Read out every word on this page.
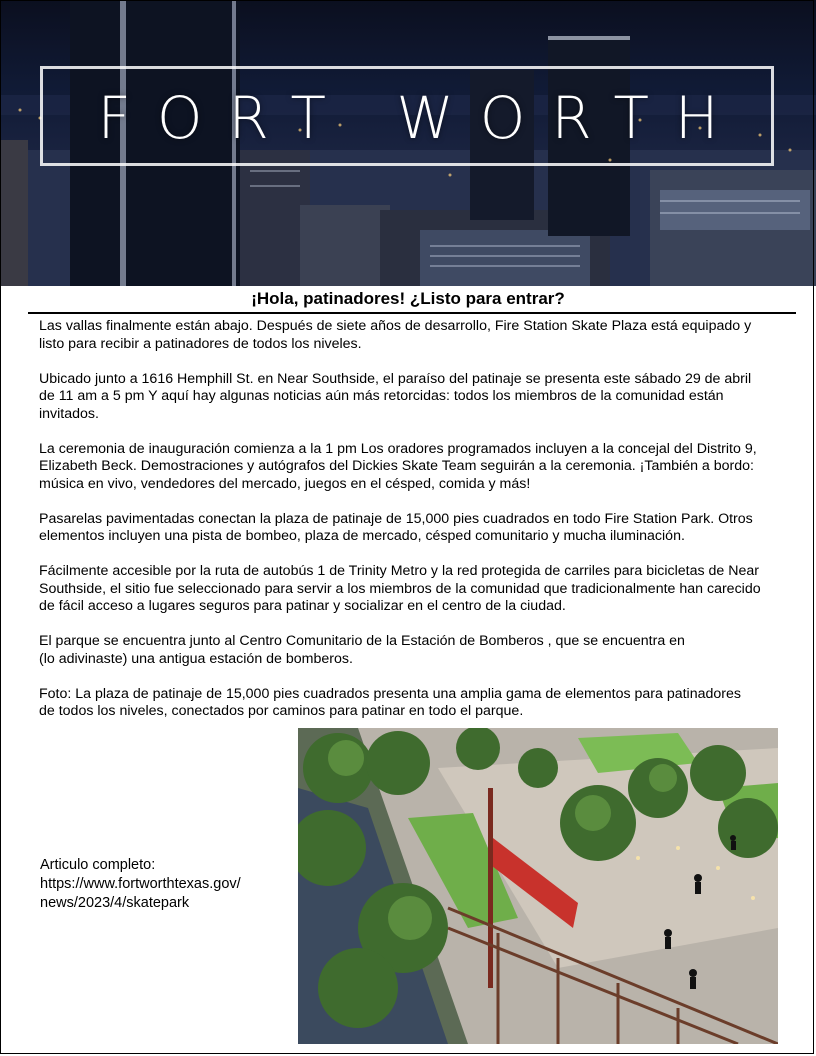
FORT WORTH
¡Hola, patinadores! ¿Listo para entrar?

Las vallas finalmente están abajo. Después de siete años de desarrollo, Fire Station Skate Plaza está equipado y
listo para recibir a patinadores de todos los niveles.

Ubicado junto a 1616 Hemphill St. en Near Southside, el paraíso del patinaje se presenta este sábado 29 de abril
de 11 am a 5 pm Y aquí hay algunas noticias aún más retorcidas: todos los miembros de la comunidad están
invitados.

La ceremonia de inauguración comienza a la 1 pm Los oradores programados incluyen a la concejal del Distrito 9,
Elizabeth Beck. Demostraciones y autógrafos del Dickies Skate Team seguirán a la ceremonia. ¡También a bordo:
música en vivo, vendedores del mercado, juegos en el césped, comida y más!

Pasarelas pavimentadas conectan la plaza de patinaje de 15,000 pies cuadrados en todo Fire Station Park. Otros
elementos incluyen una pista de bombeo, plaza de mercado, césped comunitario y mucha iluminación.

Fácilmente accesible por la ruta de autobús 1 de Trinity Metro y la red protegida de carriles para bicicletas de Near
Southside, el sitio fue seleccionado para servir a los miembros de la comunidad que tradicionalmente han carecido
de fácil acceso a lugares seguros para patinar y socializar en el centro de la ciudad.

El parque se encuentra junto al Centro Comunitario de la Estación de Bomberos , que se encuentra en
(lo adivinaste) una antigua estación de bomberos.

Foto: La plaza de patinaje de 15,000 pies cuadrados presenta una amplia gama de elementos para patinadores
de todos los niveles, conectados por caminos para patinar en todo el parque.

Articulo completo:
https://www.fortworthtexas.gov/
news/2023/4/skatepark
